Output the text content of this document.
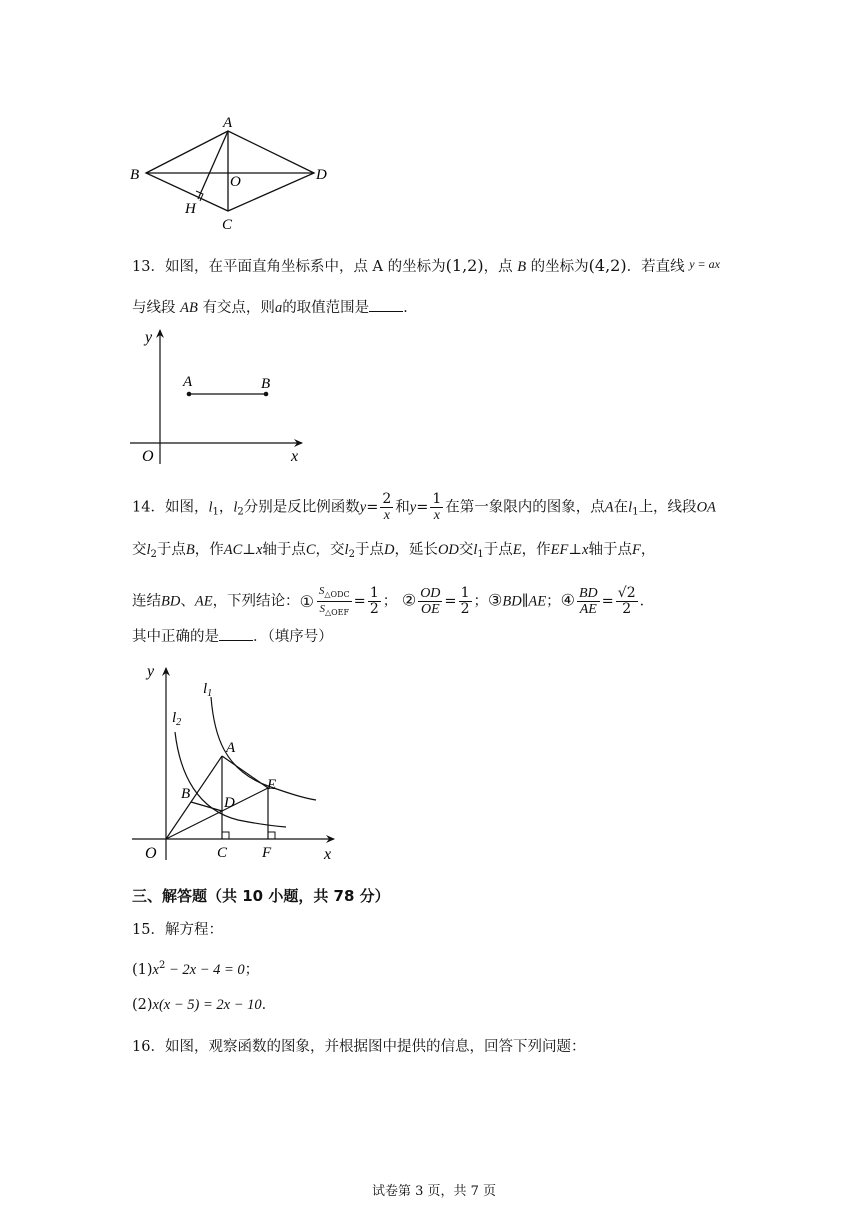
A
B	O	D
H
C
13．如图，在平面直角坐标系中，点 A 的坐标为(1,2)，点 B 的坐标为(4,2)．若直线 $^{y = ax}$
与线段 AB 有交点，则a的取值范围是 ．
y
x
O
A	B
14．如图，$l_1$，$l_2$分别是反比例函数$y= \frac{2}{x}$ 和$y= \frac{1}{x}$ 在第一象限内的图象，点A在$l_1$上，线段OA
交$l_2$于点B，作AC⊥x轴于点C，交$l_2$于点D，延长OD交$l_1$于点E，作EF⊥x轴于点F，
连结BD、AE，下列结论：① $\frac{S_{\triangle ODC}}{S_{\triangle OEF}} = \frac{1}{2}$ ； ② $\frac{OD}{OE} = \frac{1}{2}$ ；③BD∥AE；④ $\frac{BD}{AE} = \frac{√2}{2}$ ．
其中正确的是 ．（填序号）
y
x
O
$l_1$
$l_2$
A
B
D
E
C F
三、解答题（共 10 小题，共 78 分）
15．解方程：
$(1)x^2 - 2x - 4 = 0$；
(2)x(x − 5) = 2x − 10．
16．如图，观察函数的图象，并根据图中提供的信息，回答下列问题：
试卷第 3 页，共 7 页
